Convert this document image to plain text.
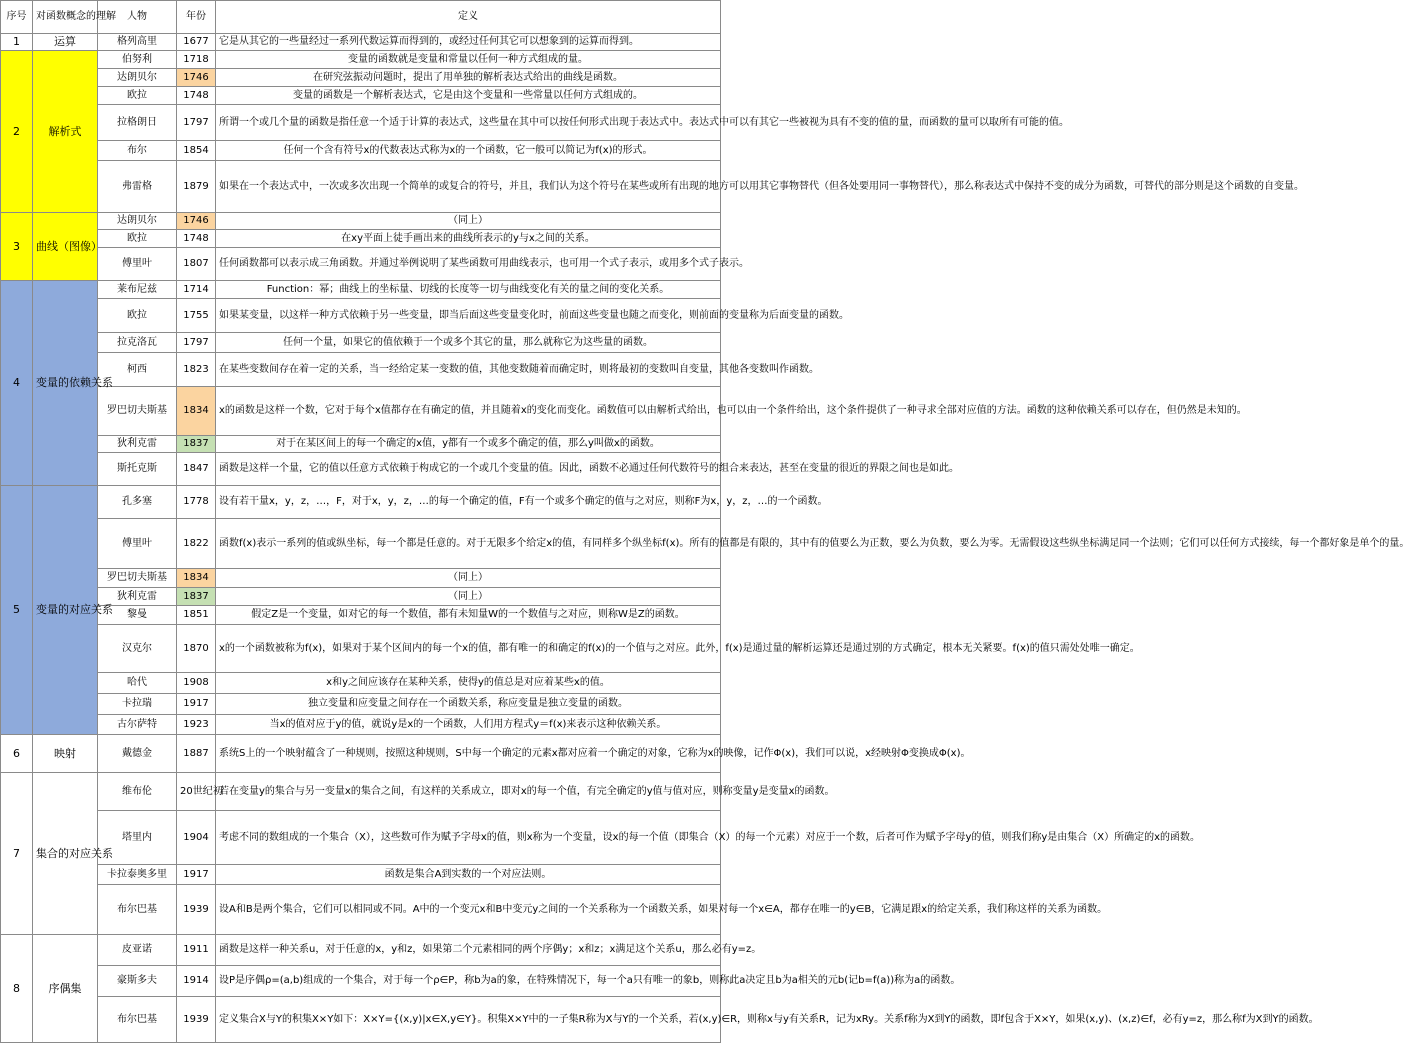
序号	对函数概念的理解	人物	年份	定义
1	运算	格列高里	1677	它是从其它的一些量经过一系列代数运算而得到的，或经过任何其它可以想象到的运算而得到。
2	解析式	伯努利	1718	变量的函数就是变量和常量以任何一种方式组成的量。
		达朗贝尔	1746	在研究弦振动问题时，提出了用单独的解析表达式给出的曲线是函数。
		欧拉	1748	变量的函数是一个解析表达式，它是由这个变量和一些常量以任何方式组成的。
		拉格朗日	1797	所谓一个或几个量的函数是指任意一个适于计算的表达式，这些量在其中可以按任何形式出现于表达式中。表达式中可以有其它一些被视为具有不变的值的量，而函数的量可以取所有可能的值。
		布尔	1854	任何一个含有符号x的代数表达式称为x的一个函数，它一般可以简记为f(x)的形式。
		弗雷格	1879	如果在一个表达式中，一次或多次出现一个简单的或复合的符号，并且，我们认为这个符号在某些或所有出现的地方可以用其它事物替代（但各处要用同一事物替代），那么称表达式中保持不变的成分为函数，可替代的部分则是这个函数的自变量。
3	曲线（图像）	达朗贝尔	1746	（同上）
		欧拉	1748	在xy平面上徒手画出来的曲线所表示的y与x之间的关系。
		傅里叶	1807	任何函数都可以表示成三角函数。并通过举例说明了某些函数可用曲线表示，也可用一个式子表示，或用多个式子表示。
4	变量的依赖关系	莱布尼兹	1714	Function：幂；曲线上的坐标量、切线的长度等一切与曲线变化有关的量之间的变化关系。
		欧拉	1755	如果某变量，以这样一种方式依赖于另一些变量，即当后面这些变量变化时，前面这些变量也随之而变化，则前面的变量称为后面变量的函数。
		拉克洛瓦	1797	任何一个量，如果它的值依赖于一个或多个其它的量，那么就称它为这些量的函数。
		柯西	1823	在某些变数间存在着一定的关系，当一经给定某一变数的值，其他变数随着而确定时，则将最初的变数叫自变量，其他各变数叫作函数。
		罗巴切夫斯基	1834	x的函数是这样一个数，它对于每个x值都存在有确定的值，并且随着x的变化而变化。函数值可以由解析式给出，也可以由一个条件给出，这个条件提供了一种寻求全部对应值的方法。函数的这种依赖关系可以存在，但仍然是未知的。
		狄利克雷	1837	对于在某区间上的每一个确定的x值，y都有一个或多个确定的值，那么y叫做x的函数。
		斯托克斯	1847	函数是这样一个量，它的值以任意方式依赖于构成它的一个或几个变量的值。因此，函数不必通过任何代数符号的组合来表达，甚至在变量的很近的界限之间也是如此。
5	变量的对应关系	孔多塞	1778	设有若干量x，y，z，…，F，对于x，y，z，…的每一个确定的值，F有一个或多个确定的值与之对应，则称F为x，y，z，…的一个函数。
		傅里叶	1822	函数f(x)表示一系列的值或纵坐标，每一个都是任意的。对于无限多个给定x的值，有同样多个纵坐标f(x)。所有的值都是有限的，其中有的值要么为正数，要么为负数，要么为零。无需假设这些纵坐标满足同一个法则；它们可以任何方式接续，每一个都好象是单个的量。
		罗巴切夫斯基	1834	（同上）
		狄利克雷	1837	（同上）
		黎曼	1851	假定Z是一个变量，如对它的每一个数值，都有未知量W的一个数值与之对应，则称W是Z的函数。
		汉克尔	1870	x的一个函数被称为f(x)，如果对于某个区间内的每一个x的值，都有唯一的和确定的f(x)的一个值与之对应。此外，f(x)是通过量的解析运算还是通过别的方式确定，根本无关紧要。f(x)的值只需处处唯一确定。
		哈代	1908	x和y之间应该存在某种关系，使得y的值总是对应着某些x的值。
		卡拉瑞	1917	独立变量和应变量之间存在一个函数关系，称应变量是独立变量的函数。
		古尔萨特	1923	当x的值对应于y的值，就说y是x的一个函数，人们用方程式y＝f(x)来表示这种依赖关系。
6	映射	戴德金	1887	系统S上的一个映射蕴含了一种规则，按照这种规则，S中每一个确定的元素x都对应着一个确定的对象，它称为x的映像，记作Φ(x)，我们可以说，x经映射Φ变换成Φ(x)。
7	集合的对应关系	维布伦	20世纪初	若在变量y的集合与另一变量x的集合之间，有这样的关系成立，即对x的每一个值，有完全确定的y值与值对应，则称变量y是变量x的函数。
		塔里内	1904	考虑不同的数组成的一个集合（X），这些数可作为赋予字母x的值，则x称为一个变量，设x的每一个值（即集合（X）的每一个元素）对应于一个数，后者可作为赋予字母y的值，则我们称y是由集合（X）所确定的x的函数。
		卡拉泰奥多里	1917	函数是集合A到实数的一个对应法则。
		布尔巴基	1939	设A和B是两个集合，它们可以相同或不同。A中的一个变元x和B中变元y之间的一个关系称为一个函数关系，如果对每一个x∈A，都存在唯一的y∈B，它满足跟x的给定关系，我们称这样的关系为函数。
8	序偶集	皮亚诺	1911	函数是这样一种关系u，对于任意的x，y和z，如果第二个元素相同的两个序偶y；x和z；x满足这个关系u，那么必有y=z。
		豪斯多夫	1914	设P是序偶ρ=(a,b)组成的一个集合，对于每一个ρ∈P，称b为a的象，在特殊情况下，每一个a只有唯一的象b，则称此a决定且b为a相关的元b(记b=f(a))称为a的函数。
		布尔巴基	1939	定义集合X与Y的积集X×Y如下：X×Y={(x,y)|x∈X,y∈Y}。积集X×Y中的一子集R称为X与Y的一个关系，若(x,y)∈R，则称x与y有关系R，记为xRy。关系f称为X到Y的函数，即f包含于X×Y，如果(x,y)、(x,z)∈f，必有y=z，那么称f为X到Y的函数。
